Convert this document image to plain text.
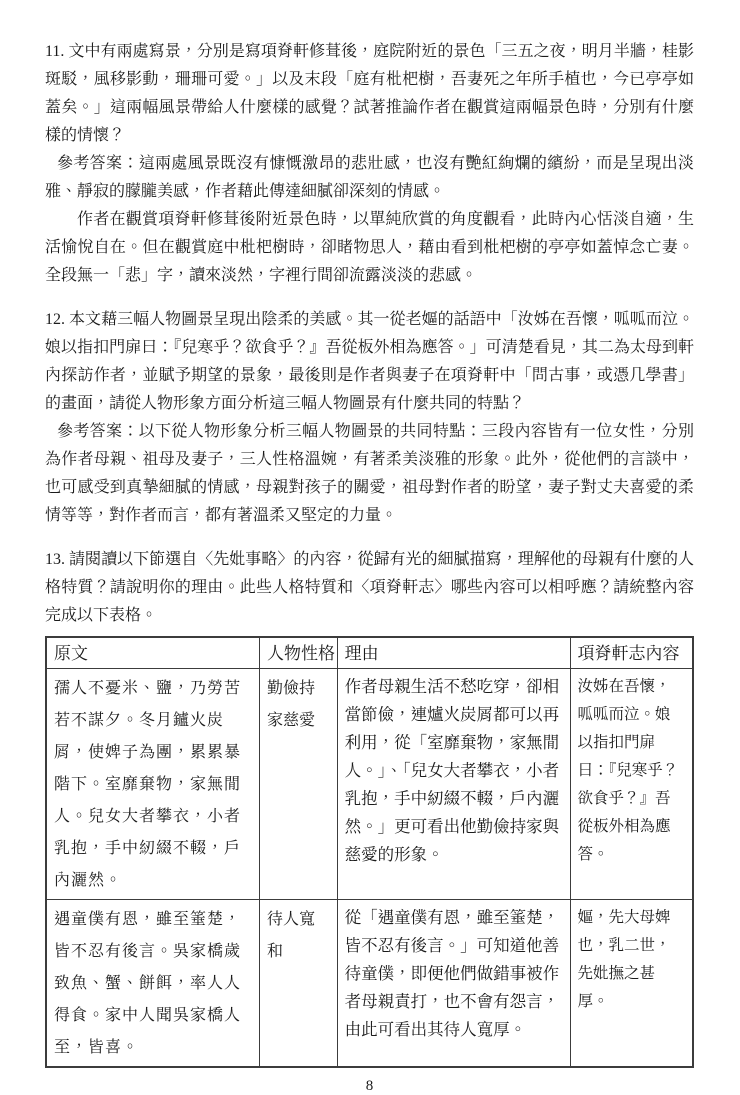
11. 文中有兩處寫景，分別是寫項脊軒修葺後，庭院附近的景色「三五之夜，明月半牆，桂影斑駁，風移影動，珊珊可愛。」以及末段「庭有枇杷樹，吾妻死之年所手植也，今已亭亭如蓋矣。」這兩幅風景帶給人什麼樣的感覺？試著推論作者在觀賞這兩幅景色時，分別有什麼樣的情懷？

參考答案：這兩處風景既沒有慷慨激昂的悲壯感，也沒有艷紅絢爛的繽紛，而是呈現出淡雅、靜寂的朦朧美感，作者藉此傳達細膩卻深刻的情感。

作者在觀賞項脊軒修葺後附近景色時，以單純欣賞的角度觀看，此時內心恬淡自適，生活愉悅自在。但在觀賞庭中枇杷樹時，卻睹物思人，藉由看到枇杷樹的亭亭如蓋悼念亡妻。全段無一「悲」字，讀來淡然，字裡行間卻流露淡淡的悲感。

12. 本文藉三幅人物圖景呈現出陰柔的美感。其一從老嫗的話語中「汝姊在吾懷，呱呱而泣。娘以指扣門扉曰：『兒寒乎？欲食乎？』吾從板外相為應答。」可清楚看見，其二為太母到軒內探訪作者，並賦予期望的景象，最後則是作者與妻子在項脊軒中「問古事，或憑几學書」的畫面，請從人物形象方面分析這三幅人物圖景有什麼共同的特點？

參考答案：以下從人物形象分析三幅人物圖景的共同特點：三段內容皆有一位女性，分別為作者母親、祖母及妻子，三人性格溫婉，有著柔美淡雅的形象。此外，從他們的言談中，也可感受到真摯細膩的情感，母親對孩子的關愛，祖母對作者的盼望，妻子對丈夫喜愛的柔情等等，對作者而言，都有著溫柔又堅定的力量。

13. 請閱讀以下節選自〈先妣事略〉的內容，從歸有光的細膩描寫，理解他的母親有什麼的人格特質？請說明你的理由。此些人格特質和〈項脊軒志〉哪些內容可以相呼應？請統整內容完成以下表格。

原文	人物性格	理由	項脊軒志內容
孺人不憂米、鹽，乃勞苦若不謀夕。冬月鑪火炭屑，使婢子為團，累累暴階下。室靡棄物，家無閒人。兒女大者攀衣，小者乳抱，手中紉綴不輟，戶內灑然。	勤儉持家慈愛	作者母親生活不愁吃穿，卻相當節儉，連爐火炭屑都可以再利用，從「室靡棄物，家無閒人。」、「兒女大者攀衣，小者乳抱，手中紉綴不輟，戶內灑然。」更可看出他勤儉持家與慈愛的形象。	汝姊在吾懷，呱呱而泣。娘以指扣門扉曰：『兒寒乎？欲食乎？』吾從板外相為應答。
遇童僕有恩，雖至箠楚，皆不忍有後言。吳家橋歲致魚、蟹、餅餌，率人人得食。家中人聞吳家橋人至，皆喜。	待人寬和	從「遇童僕有恩，雖至箠楚，皆不忍有後言。」可知道他善待童僕，即便他們做錯事被作者母親責打，也不會有怨言，由此可看出其待人寬厚。	嫗，先大母婢也，乳二世，先妣撫之甚厚。
8
